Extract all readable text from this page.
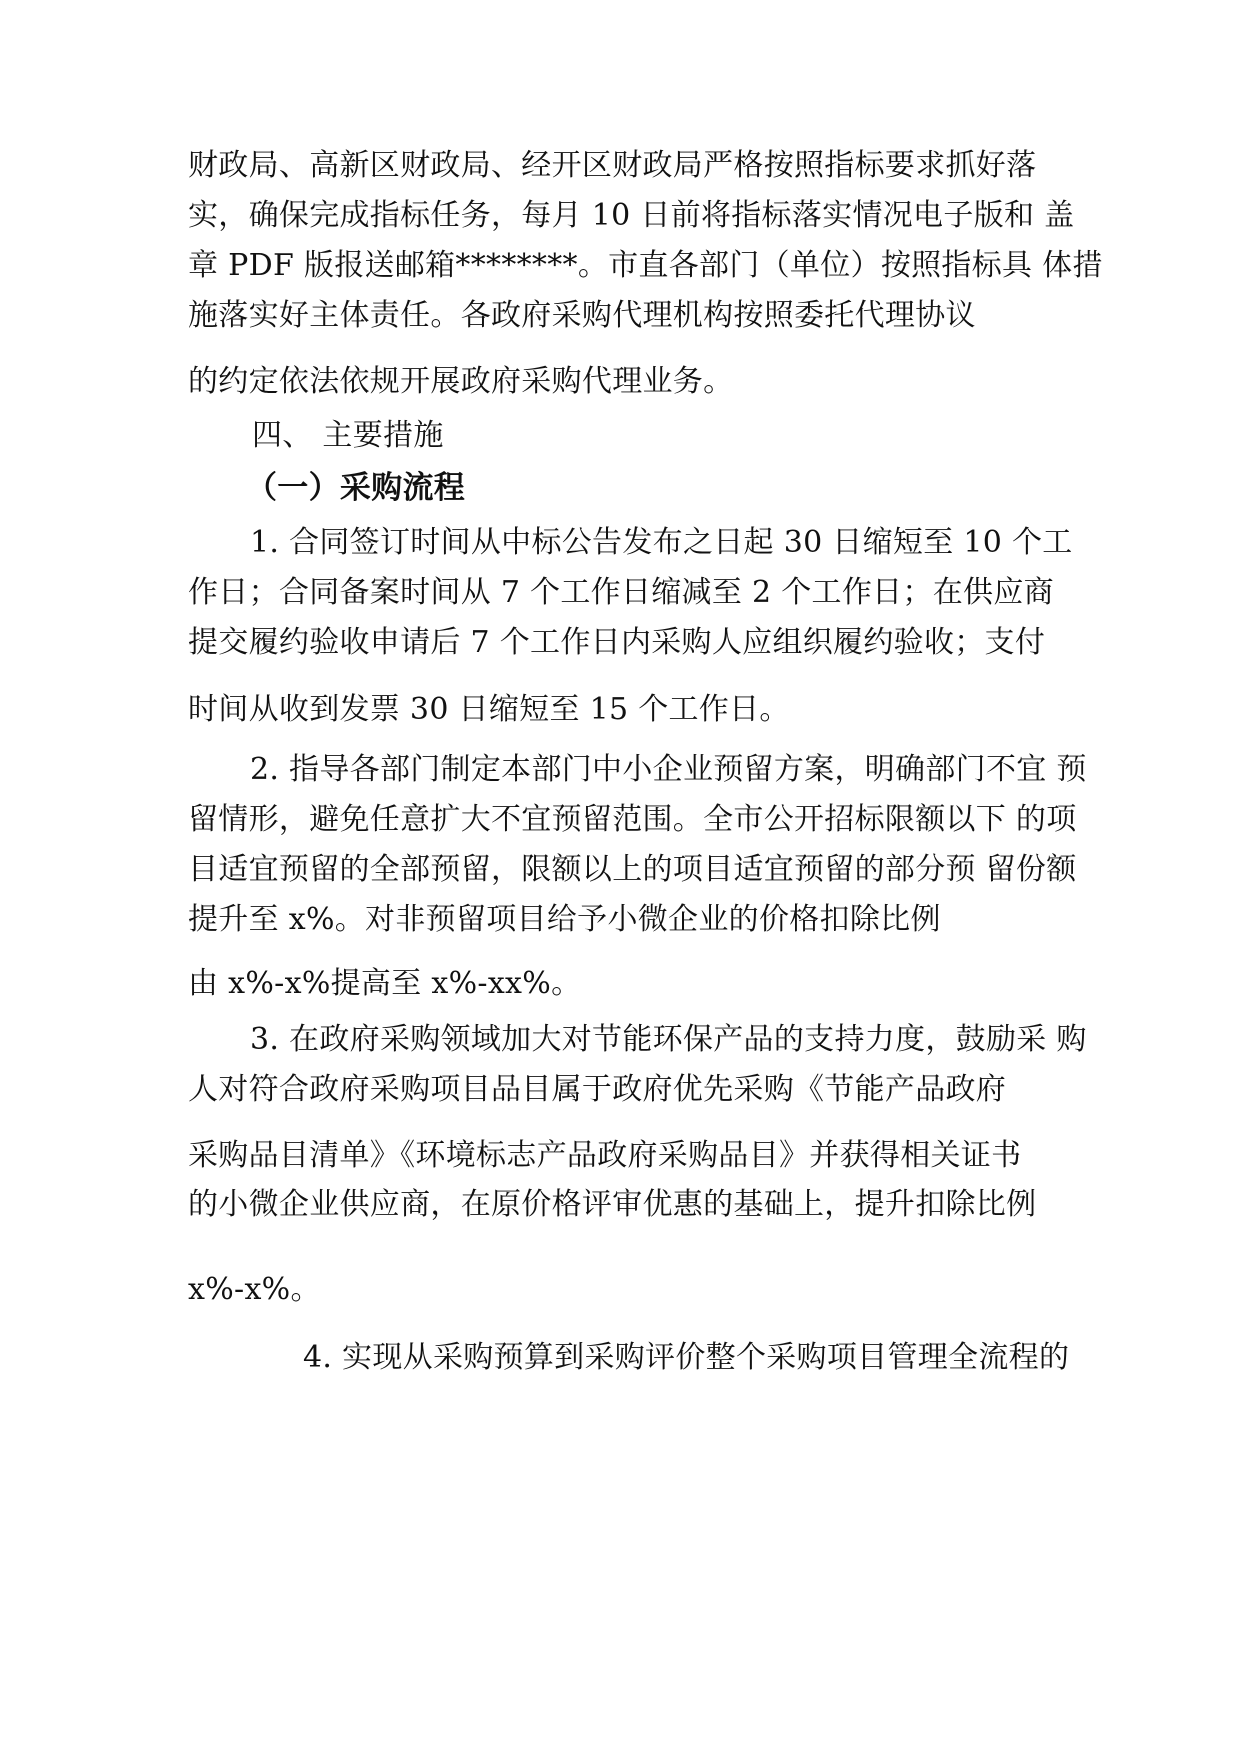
财政局、高新区财政局、经开区财政局严格按照指标要求抓好落
实，确保完成指标任务，每月 10 日前将指标落实情况电子版和 盖
章 PDF 版报送邮箱********。市直各部门（单位）按照指标具 体措
施落实好主体责任。各政府采购代理机构按照委托代理协议
的约定依法依规开展政府采购代理业务。
四、 主要措施
（一）采购流程
1. 合同签订时间从中标公告发布之日起 30 日缩短至 10 个工
作日；合同备案时间从 7 个工作日缩减至 2 个工作日；在供应商
提交履约验收申请后 7 个工作日内采购人应组织履约验收；支付
时间从收到发票 30 日缩短至 15 个工作日。
2. 指导各部门制定本部门中小企业预留方案，明确部门不宜 预
留情形，避免任意扩大不宜预留范围。全市公开招标限额以下 的项
目适宜预留的全部预留，限额以上的项目适宜预留的部分预 留份额
提升至 x%。对非预留项目给予小微企业的价格扣除比例
由 x%-x%提高至 x%-xx%。
3. 在政府采购领域加大对节能环保产品的支持力度，鼓励采 购
人对符合政府采购项目品目属于政府优先采购《节能产品政府
采购品目清单》《环境标志产品政府采购品目》并获得相关证书
的小微企业供应商，在原价格评审优惠的基础上，提升扣除比例
x%-x%。
4. 实现从采购预算到采购评价整个采购项目管理全流程的
